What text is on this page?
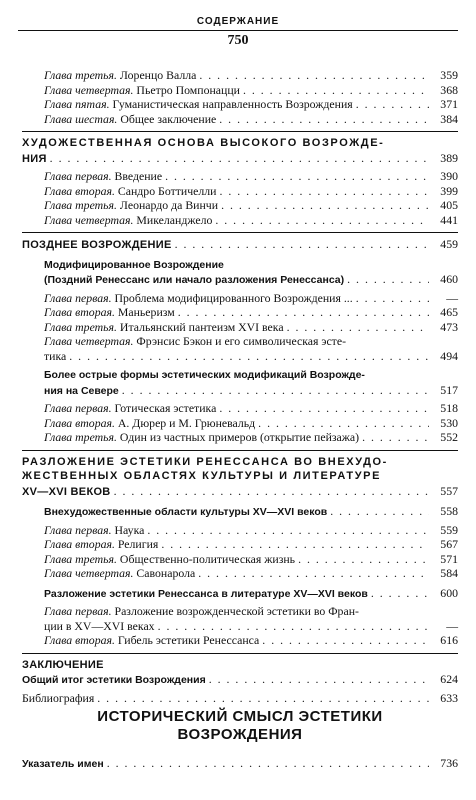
СОДЕРЖАНИЕ
750
Глава третья. Лоренцо Валла . . .	359
Глава четвертая. Пьетро Помпонацци . . .	368
Глава пятая. Гуманистическая направленность Возрождения . . .	371
Глава шестая. Общее заключение . . .	384
ХУДОЖЕСТВЕННАЯ ОСНОВА ВЫСОКОГО ВОЗРОЖДЕ-
НИЯ . . .	389
Глава первая. Введение . . .	390
Глава вторая. Сандро Боттичелли . . .	399
Глава третья. Леонардо да Винчи . . .	405
Глава четвертая. Микеланджело . . .	441
ПОЗДНЕЕ ВОЗРОЖДЕНИЕ . . .	459
Модифицированное Возрождение
(Поздний Ренессанс или начало разложения Ренессанса) . . .	460
Глава первая. Проблема модифицированного Возрождения ... . . .	—
Глава вторая. Маньеризм . . .	465
Глава третья. Итальянский пантеизм XVI века . . .	473
Глава четвертая. Фрэнсис Бэкон и его символическая эсте-
тика . . .	494
Более острые формы эстетических модификаций Возрожде-
ния на Севере . . .	517
Глава первая. Готическая эстетика . . .	518
Глава вторая. А. Дюрер и М. Грюневальд . . .	530
Глава третья. Один из частных примеров (открытие пейзажа) . . .	552
РАЗЛОЖЕНИЕ ЭСТЕТИКИ РЕНЕССАНСА ВО ВНЕХУДО-
ЖЕСТВЕННЫХ ОБЛАСТЯХ КУЛЬТУРЫ И ЛИТЕРАТУРЕ
XV—XVI ВЕКОВ . . .	557
Внехудожественные области культуры XV—XVI веков . . .	558
Глава первая. Наука . . .	559
Глава вторая. Религия . . .	567
Глава третья. Общественно-политическая жизнь . . .	571
Глава четвертая. Савонарола . . .	584
Разложение эстетики Ренессанса в литературе XV—XVI веков . . .	600
Глава первая. Разложение возрожденческой эстетики во Фран-
ции в XV—XVI веках . . .	—
Глава вторая. Гибель эстетики Ренессанса . . .	616
ЗАКЛЮЧЕНИЕ
Общий итог эстетики Возрождения . . .	624
Библиография . . .	633
ИСТОРИЧЕСКИЙ СМЫСЛ ЭСТЕТИКИ
ВОЗРОЖДЕНИЯ
Указатель имен . . .	736
